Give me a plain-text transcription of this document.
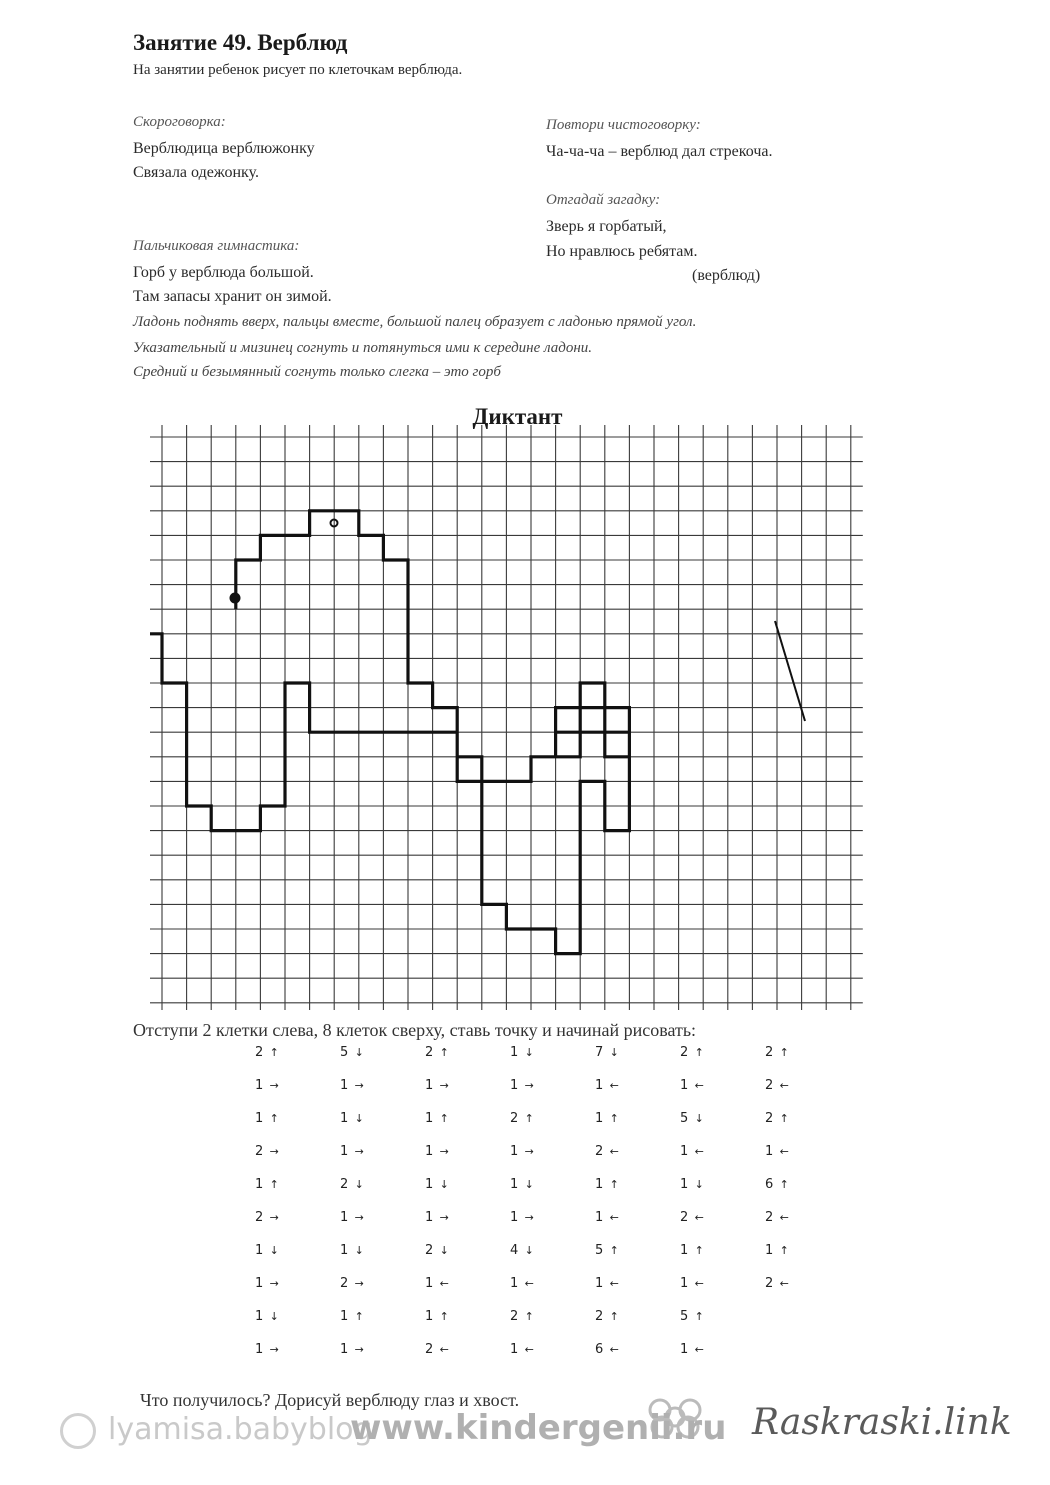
Занятие 49. Верблюд
На занятии ребенок рисует по клеточкам верблюда.
Скороговорка:
Верблюдица верблюжонку
Связала одежонку.
Повтори чистоговорку:
Ча-ча-ча – верблюд дал стрекоча.
Отгадай загадку:
Зверь я горбатый,
Но нравлюсь ребятам.
(верблюд)
Пальчиковая гимнастика:
Горб у верблюда большой.
Там запасы хранит он зимой.
Ладонь поднять вверх, пальцы вместе, большой палец образует с ладонью прямой угол.
Указательный и мизинец согнуть и потянуться ими к середине ладони.
Средний и безымянный согнуть только слегка – это горб
Диктант
Отступи 2 клетки слева, 8 клеток сверху, ставь точку и начинай рисовать:
2 ↑
1 →
1 ↑
2 →
1 ↑
2 →
1 ↓
1 →
1 ↓
1 →
5 ↓
1 →
1 ↓
1 →
2 ↓
1 →
1 ↓
2 →
1 ↑
1 →
2 ↑
1 →
1 ↑
1 →
1 ↓
1 →
2 ↓
1 ←
1 ↑
2 ←
1 ↓
1 →
2 ↑
1 →
1 ↓
1 →
4 ↓
1 ←
2 ↑
1 ←
7 ↓
1 ←
1 ↑
2 ←
1 ↑
1 ←
5 ↑
1 ←
2 ↑
6 ←
2 ↑
1 ←
5 ↓
1 ←
1 ↓
2 ←
1 ↑
1 ←
5 ↑
1 ←
2 ↑
2 ←
2 ↑
1 ←
6 ↑
2 ←
1 ↑
2 ←
Что получилось? Дорисуй верблюду глаз и хвост.
lyamisa.babyblog
www.kindergenii.ru Raskraski.link
